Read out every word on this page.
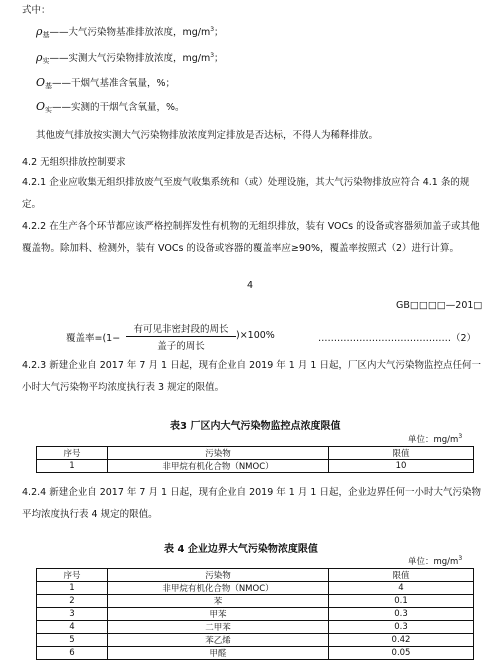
式中：
$\rho_基——$大气污染物基准排放浓度，$mg/m^3$；
$\rho_实——$实测大气污染物排放浓度，$mg/m^3$；
$O_基——$干烟气基准含氧量，%；
$O_实——$实测的干烟气含氧量，%。
其他废气排放按实测大气污染物排放浓度判定排放是否达标，不得人为稀释排放。
4.2 无组织排放控制要求
4.2.1 企业应收集无组织排放废气至废气收集系统和（或）处理设施，其大气污染物排放应符合 4.1 条的规定。
4.2.2 在生产各个环节都应该严格控制挥发性有机物的无组织排放，装有 VOCs 的设备或容器须加盖子或其他覆盖物。除加料、检测外，装有 VOCs 的设备或容器的覆盖率应≥90%，覆盖率按照式（2）进行计算。
4
GB□□□□—201□
覆盖率=(1−
有可见非密封段的周长
盖子的周长
)×100%	……………………………………（2）
4.2.3 新建企业自 2017 年 7 月 1 日起，现有企业自 2019 年 1 月 1 日起，厂区内大气污染物监控点任何一小时大气污染物平均浓度执行表 3 规定的限值。
表3 厂区内大气污染物监控点浓度限值
单位：$mg/m^3$
序号	污染物	限值
1	非甲烷有机化合物（NMOC）	10
4.2.4 新建企业自 2017 年 7 月 1 日起，现有企业自 2019 年 1 月 1 日起，企业边界任何一小时大气污染物平均浓度执行表 4 规定的限值。
表 4 企业边界大气污染物浓度限值
单位：$mg/m^3$
序号	污染物	限值
1	非甲烷有机化合物（NMOC）	4
2	苯	0.1
3	甲苯	0.3
4	二甲苯	0.3
5	苯乙烯	0.42
6	甲醛	0.05
